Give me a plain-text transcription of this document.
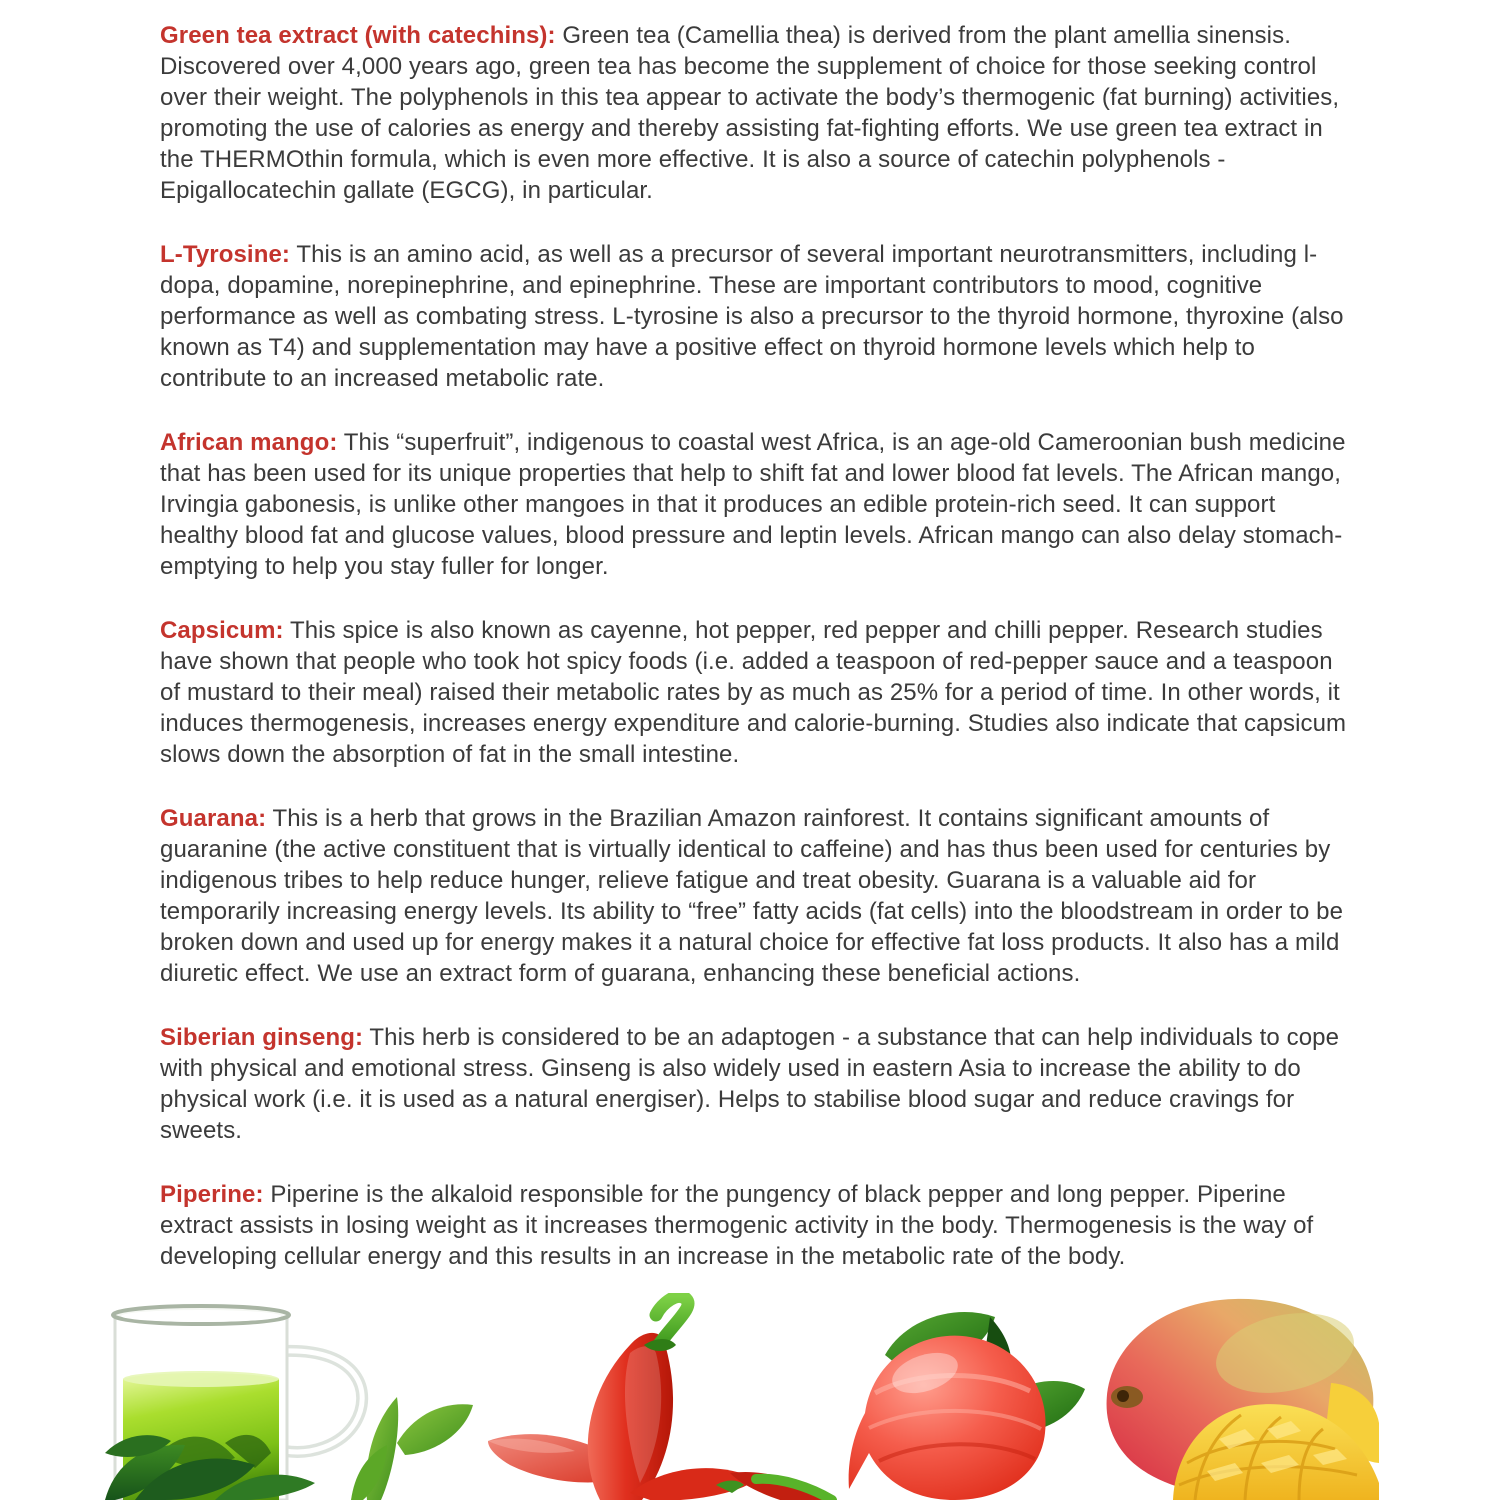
Green tea extract (with catechins): Green tea (Camellia thea) is derived from the plant amellia sinensis. Discovered over 4,000 years ago, green tea has become the supplement of choice for those seeking control over their weight. The polyphenols in this tea appear to activate the body’s thermogenic (fat burning) activities, promoting the use of calories as energy and thereby assisting fat-fighting efforts. We use green tea extract in the THERMOthin formula, which is even more effective. It is also a source of catechin polyphenols - Epigallocatechin gallate (EGCG), in particular.

L-Tyrosine: This is an amino acid, as well as a precursor of several important neurotransmitters, including l-dopa, dopamine, norepinephrine, and epinephrine. These are important contributors to mood, cognitive performance as well as combating stress. L-tyrosine is also a precursor to the thyroid hormone, thyroxine (also known as T4) and supplementation may have a positive effect on thyroid hormone levels which help to contribute to an increased metabolic rate.

African mango: This “superfruit”, indigenous to coastal west Africa, is an age-old Cameroonian bush medicine that has been used for its unique properties that help to shift fat and lower blood fat levels. The African mango, Irvingia gabonesis, is unlike other mangoes in that it produces an edible protein-rich seed. It can support healthy blood fat and glucose values, blood pressure and leptin levels. African mango can also delay stomach-emptying to help you stay fuller for longer.

Capsicum: This spice is also known as cayenne, hot pepper, red pepper and chilli pepper. Research studies have shown that people who took hot spicy foods (i.e. added a teaspoon of red-pepper sauce and a teaspoon of mustard to their meal) raised their metabolic rates by as much as 25% for a period of time. In other words, it induces thermogenesis, increases energy expenditure and calorie-burning. Studies also indicate that capsicum slows down the absorption of fat in the small intestine.

Guarana: This is a herb that grows in the Brazilian Amazon rainforest. It contains significant amounts of guaranine (the active constituent that is virtually identical to caffeine) and has thus been used for centuries by indigenous tribes to help reduce hunger, relieve fatigue and treat obesity. Guarana is a valuable aid for temporarily increasing energy levels. Its ability to “free” fatty acids (fat cells) into the bloodstream in order to be broken down and used up for energy makes it a natural choice for effective fat loss products. It also has a mild diuretic effect. We use an extract form of guarana, enhancing these beneficial actions.

Siberian ginseng: This herb is considered to be an adaptogen - a substance that can help individuals to cope with physical and emotional stress. Ginseng is also widely used in eastern Asia to increase the ability to do physical work (i.e. it is used as a natural energiser). Helps to stabilise blood sugar and reduce cravings for sweets.

Piperine: Piperine is the alkaloid responsible for the pungency of black pepper and long pepper. Piperine extract assists in losing weight as it increases thermogenic activity in the body. Thermogenesis is the way of developing cellular energy and this results in an increase in the metabolic rate of the body.
